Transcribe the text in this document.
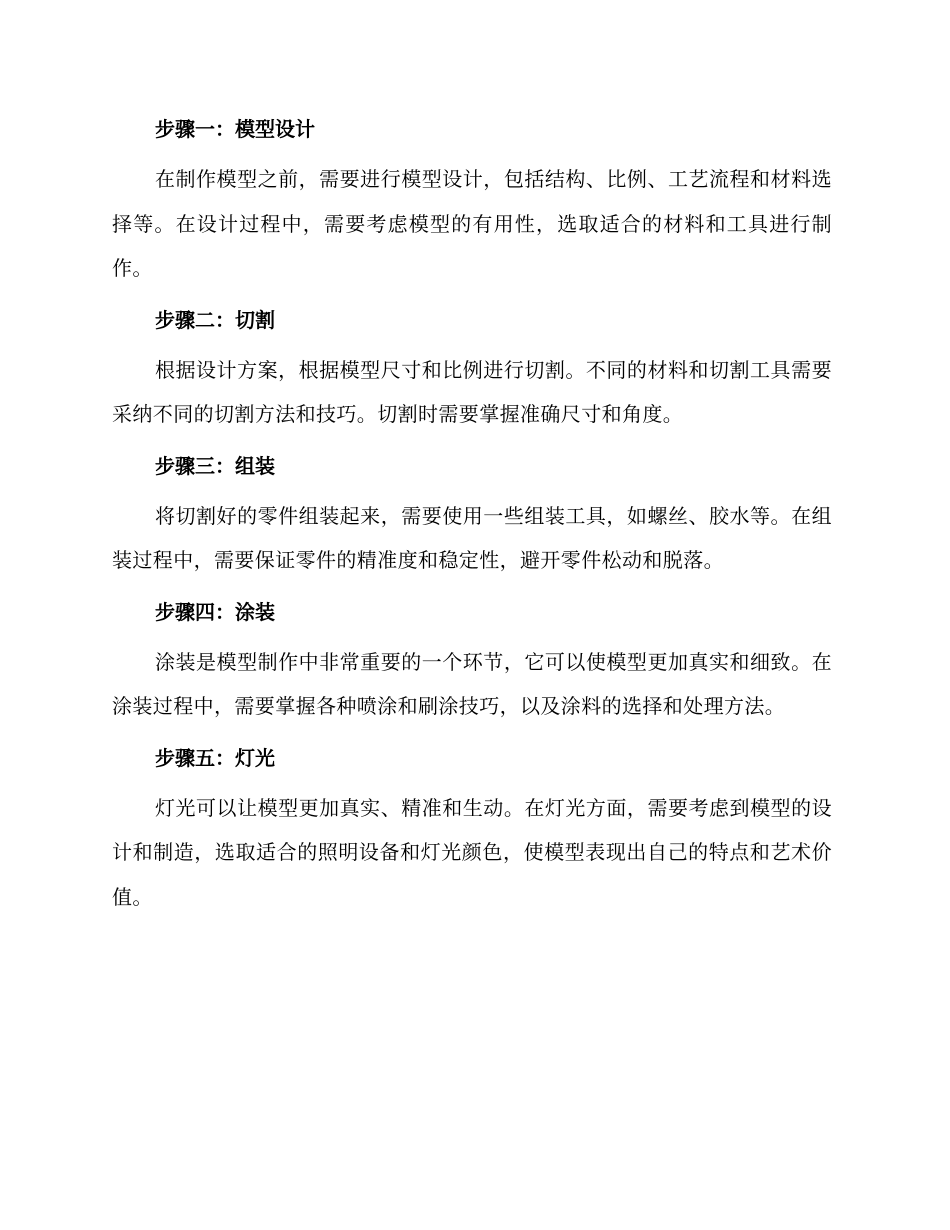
步骤一：模型设计
在制作模型之前，需要进行模型设计，包括结构、比例、工艺流程和材料选择等。在设计过程中，需要考虑模型的有用性，选取适合的材料和工具进行制作。
步骤二：切割
根据设计方案，根据模型尺寸和比例进行切割。不同的材料和切割工具需要采纳不同的切割方法和技巧。切割时需要掌握准确尺寸和角度。
步骤三：组装
将切割好的零件组装起来，需要使用一些组装工具，如螺丝、胶水等。在组装过程中，需要保证零件的精准度和稳定性，避开零件松动和脱落。
步骤四：涂装
涂装是模型制作中非常重要的一个环节，它可以使模型更加真实和细致。在涂装过程中，需要掌握各种喷涂和刷涂技巧，以及涂料的选择和处理方法。
步骤五：灯光
灯光可以让模型更加真实、精准和生动。在灯光方面，需要考虑到模型的设计和制造，选取适合的照明设备和灯光颜色，使模型表现出自己的特点和艺术价值。
